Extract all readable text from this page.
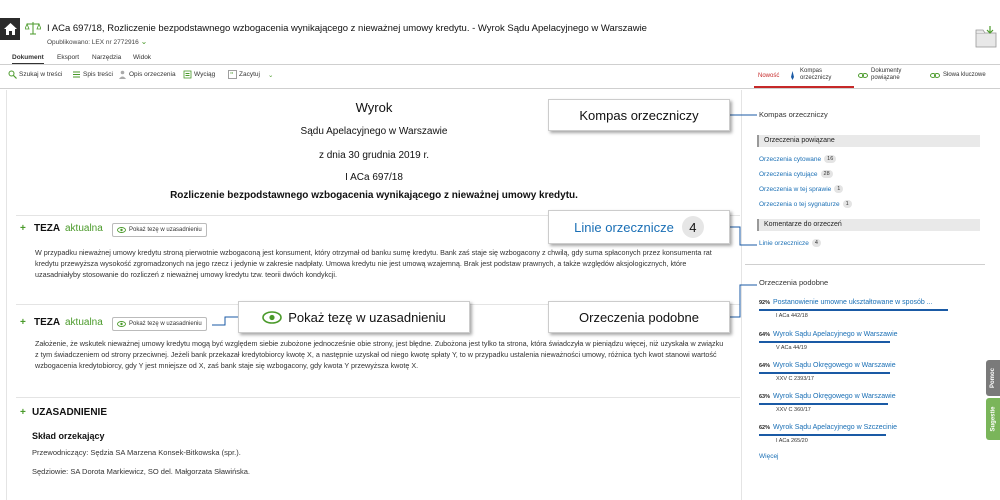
I ACa 697/18, Rozliczenie bezpodstawnego wzbogacenia wynikającego z nieważnej umowy kredytu. - Wyrok Sądu Apelacyjnego w Warszawie
Opublikowano: LEX nr 2772916 ⌄
Dokument Eksport Narzędzia Widok
Szukaj w treści	Spis treści Opis orzeczenia	Wyciąg " Zacytuj ⌄	Nowość
Kompas
orzeczniczy
Dokumenty
powiązane	Słowa kluczowe
Wyrok
Sądu Apelacyjnego w Warszawie
z dnia 30 grudnia 2019 r.
I ACa 697/18
Rozliczenie bezpodstawnego wzbogacenia wynikającego z nieważnej umowy kredytu.
+ TEZA aktualna	Pokaż tezę w uzasadnieniu
W przypadku nieważnej umowy kredytu stroną pierwotnie wzbogaconą jest konsument, który otrzymał od banku sumę kredytu. Bank zaś staje się wzbogacony z chwilą, gdy suma spłaconych przez konsumenta rat kredytu przewyższa wysokość zgromadzonych na jego rzecz i jedynie w zakresie nadpłaty. Umowa kredytu nie jest umową wzajemną. Brak jest podstaw prawnych, a także względów aksjologicznych, które uzasadniałyby stosowanie do rozliczeń z nieważnej umowy kredytu tzw. teorii dwóch kondykcji.
+ TEZA aktualna	Pokaż tezę w uzasadnieniu
Założenie, że wskutek nieważnej umowy kredytu mogą być względem siebie zubożone jednocześnie obie strony, jest błędne. Zubożona jest tylko ta strona, która świadczyła w pieniądzu więcej, niż uzyskała w związku z tym świadczeniem od strony przeciwnej. Jeżeli bank przekazał kredytobiorcy kwotę X, a następnie uzyskał od niego kwotę spłaty Y, to w przypadku ustalenia nieważności umowy, różnica tych kwot stanowi wartość wzbogacenia kredytobiorcy, gdy Y jest mniejsze od X, zaś bank staje się wzbogacony, gdy kwota Y przewyższa kwotę X.
+ UZASADNIENIE
Skład orzekający
Przewodniczący: Sędzia SA Marzena Konsek-Bitkowska (spr.).
Sędziowie: SA Dorota Markiewicz, SO del. Małgorzata Sławińska.
Kompas orzeczniczy
Orzeczenia powiązane
Orzeczenia cytowane	16
Orzeczenia cytujące	28
Orzeczenia w tej sprawie	1
Orzeczenia o tej sygnaturze	1
Komentarze do orzeczeń
Linie orzecznicze	4
Orzeczenia podobne
92% Postanowienie umowne ukształtowane w sposób ...
I ACa 442/18
64% Wyrok Sądu Apelacyjnego w Warszawie
V ACa 44/19
64% Wyrok Sądu Okręgowego w Warszawie
XXV C 2393/17
63% Wyrok Sądu Okręgowego w Warszawie
XXV C 360/17
62% Wyrok Sądu Apelacyjnego w Szczecinie
I ACa 265/20
Więcej
Pomoc
Sugestie
Kompas orzeczniczy
Linie orzecznicze	4
Pokaż tezę w uzasadnieniu	Orzeczenia podobne
